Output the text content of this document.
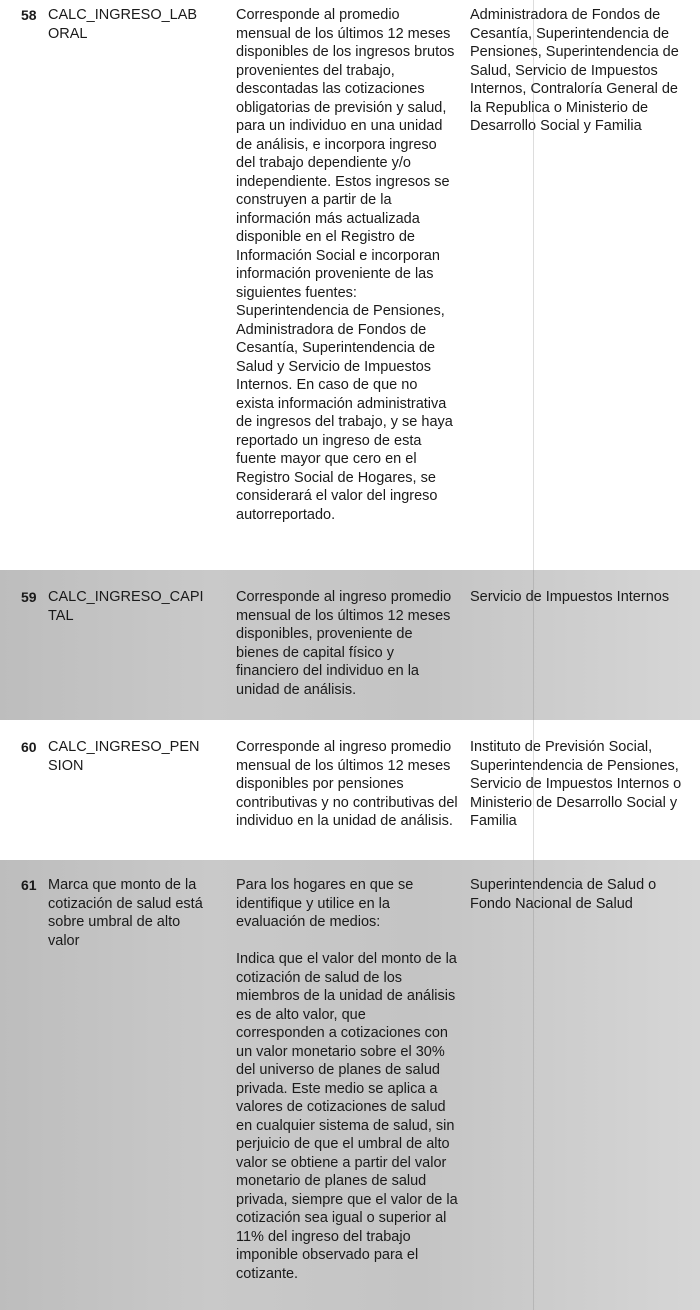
58 CALC_INGRESO_LABORAL
Corresponde al promedio mensual de los últimos 12 meses disponibles de los ingresos brutos provenientes del trabajo, descontadas las cotizaciones obligatorias de previsión y salud, para un individuo en una unidad de análisis, e incorpora ingreso del trabajo dependiente y/o independiente. Estos ingresos se construyen a partir de la información más actualizada disponible en el Registro de Información Social e incorporan información proveniente de las siguientes fuentes: Superintendencia de Pensiones, Administradora de Fondos de Cesantía, Superintendencia de Salud y Servicio de Impuestos Internos. En caso de que no exista información administrativa de ingresos del trabajo, y se haya reportado un ingreso de esta fuente mayor que cero en el Registro Social de Hogares, se considerará el valor del ingreso autorreportado.
Administradora de Fondos de Cesantía, Superintendencia de Pensiones, Superintendencia de Salud, Servicio de Impuestos Internos, Contraloría General de la Republica o Ministerio de Desarrollo Social y Familia
59 CALC_INGRESO_CAPITAL
Corresponde al ingreso promedio mensual de los últimos 12 meses disponibles, proveniente de bienes de capital físico y financiero del individuo en la unidad de análisis.
Servicio de Impuestos Internos
60 CALC_INGRESO_PENSION
Corresponde al ingreso promedio mensual de los últimos 12 meses disponibles por pensiones contributivas y no contributivas del individuo en la unidad de análisis.
Instituto de Previsión Social, Superintendencia de Pensiones, Servicio de Impuestos Internos o Ministerio de Desarrollo Social y Familia
61 Marca que monto de la cotización de salud está sobre umbral de alto valor

Para los hogares en que se identifique y utilice en la evaluación de medios:

Indica que el valor del monto de la cotización de salud de los miembros de la unidad de análisis es de alto valor, que corresponden a cotizaciones con un valor monetario sobre el 30% del universo de planes de salud privada. Este medio se aplica a valores de cotizaciones de salud en cualquier sistema de salud, sin perjuicio de que el umbral de alto valor se obtiene a partir del valor monetario de planes de salud privada, siempre que el valor de la cotización sea igual o superior al 11% del ingreso del trabajo imponible observado para el cotizante.

Superintendencia de Salud o Fondo Nacional de Salud
